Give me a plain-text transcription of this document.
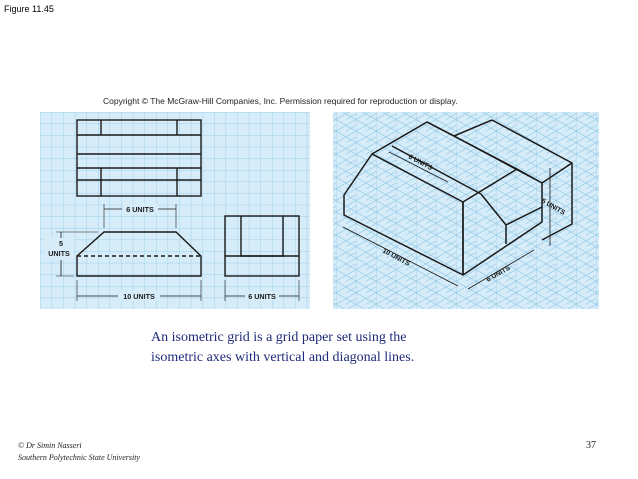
Figure 11.45
Copyright © The McGraw-Hill Companies, Inc. Permission required for reproduction or display.
6 UNITS
5
UNITS
10 UNITS	6 UNITS
6 UNITS
5 UNITS
10 UNITS
6 UNITS
An isometric grid is a grid paper set using the
isometric axes with vertical and diagonal lines.
© Dr Simin Nasseri
Southern Polytechnic State University
37
